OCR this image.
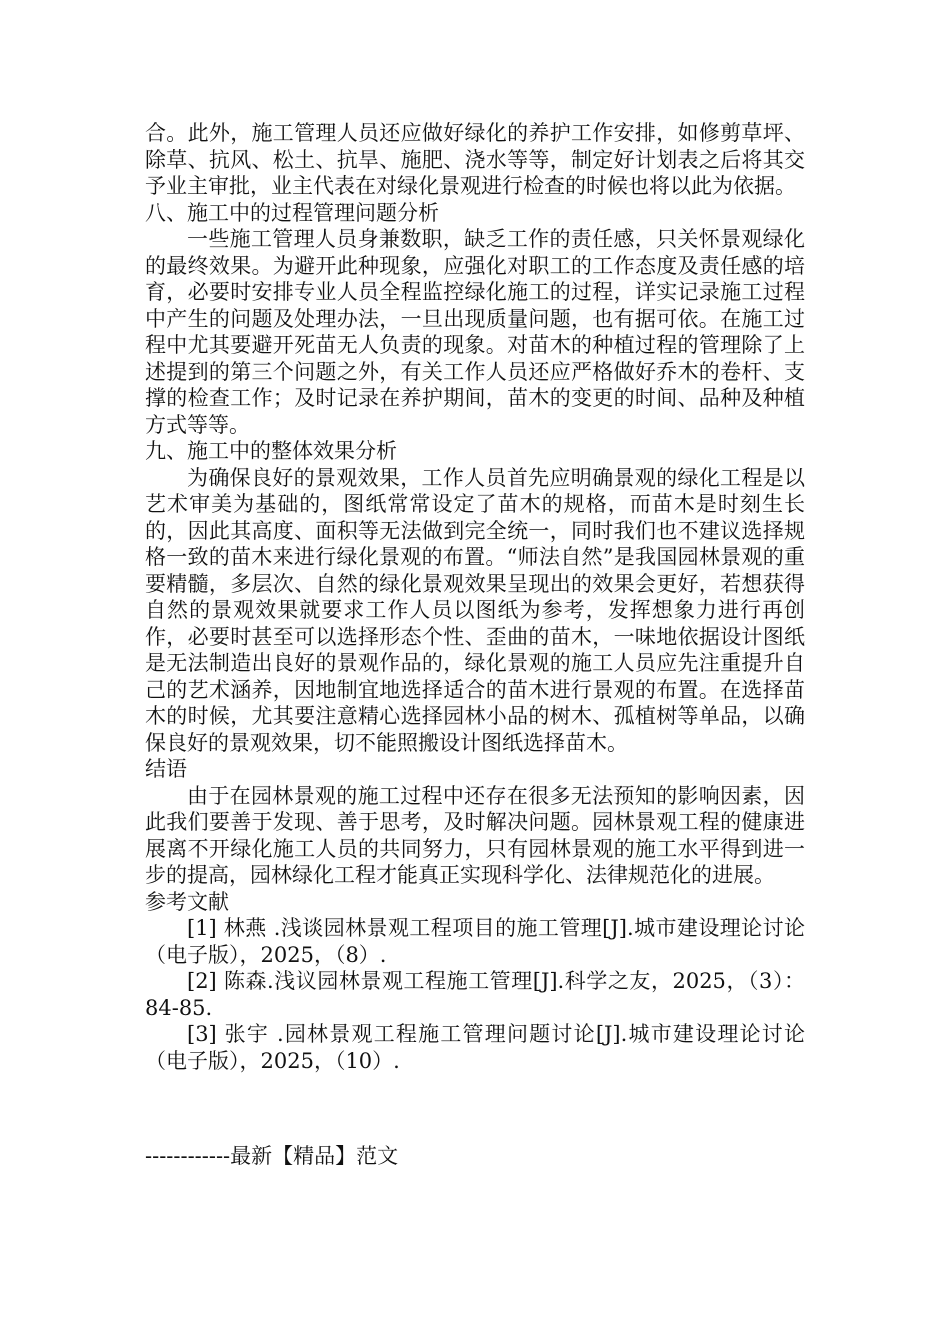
合。此外，施工管理人员还应做好绿化的养护工作安排，如修剪草坪、除草、抗风、松土、抗旱、施肥、浇水等等，制定好计划表之后将其交予业主审批，业主代表在对绿化景观进行检查的时候也将以此为依据。

八、施工中的过程管理问题分析

一些施工管理人员身兼数职，缺乏工作的责任感，只关怀景观绿化的最终效果。为避开此种现象，应强化对职工的工作态度及责任感的培育，必要时安排专业人员全程监控绿化施工的过程，详实记录施工过程中产生的问题及处理办法，一旦出现质量问题，也有据可依。在施工过程中尤其要避开死苗无人负责的现象。对苗木的种植过程的管理除了上述提到的第三个问题之外，有关工作人员还应严格做好乔木的卷杆、支撑的检查工作；及时记录在养护期间，苗木的变更的时间、品种及种植方式等等。

九、施工中的整体效果分析

为确保良好的景观效果，工作人员首先应明确景观的绿化工程是以艺术审美为基础的，图纸常常设定了苗木的规格，而苗木是时刻生长的，因此其高度、面积等无法做到完全统一，同时我们也不建议选择规格一致的苗木来进行绿化景观的布置。“师法自然”是我国园林景观的重要精髓，多层次、自然的绿化景观效果呈现出的效果会更好，若想获得自然的景观效果就要求工作人员以图纸为参考，发挥想象力进行再创作，必要时甚至可以选择形态个性、歪曲的苗木，一味地依据设计图纸是无法制造出良好的景观作品的，绿化景观的施工人员应先注重提升自己的艺术涵养，因地制宜地选择适合的苗木进行景观的布置。在选择苗木的时候，尤其要注意精心选择园林小品的树木、孤植树等单品，以确保良好的景观效果，切不能照搬设计图纸选择苗木。

结语

由于在园林景观的施工过程中还存在很多无法预知的影响因素，因此我们要善于发现、善于思考，及时解决问题。园林景观工程的健康进展离不开绿化施工人员的共同努力，只有园林景观的施工水平得到进一步的提高，园林绿化工程才能真正实现科学化、法律规范化的进展。

参考文献

[1] 林燕 .浅谈园林景观工程项目的施工管理[J].城市建设理论讨论（电子版），2025，（8）.

[2] 陈森.浅议园林景观工程施工管理[J].科学之友，2025，（3）：84-85.

[3] 张宇 .园林景观工程施工管理问题讨论[J].城市建设理论讨论（电子版），2025，（10）.

------------最新【精品】范文
